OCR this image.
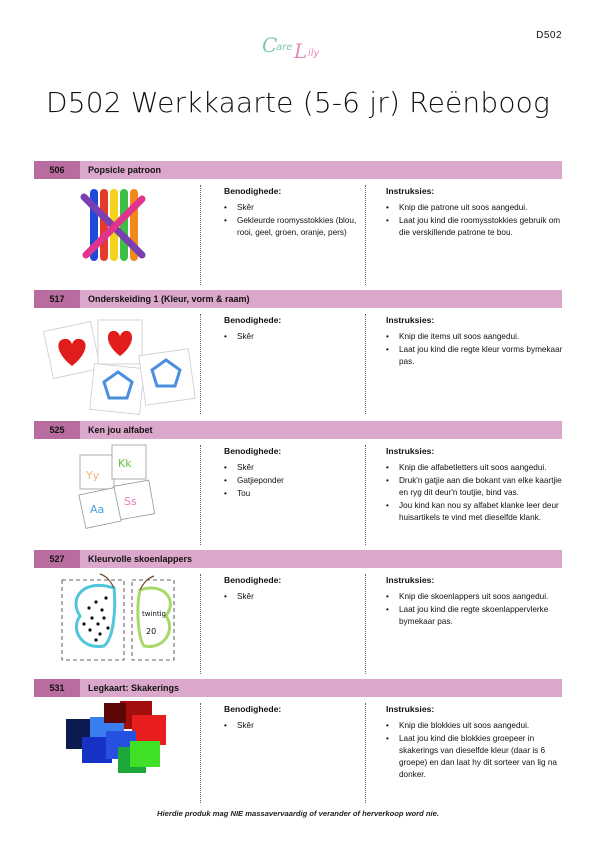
D502
C
are L ily
D502 Werkkaarte (5-6 jr) Reënboog
506	Popsicle patroon
Benodighede:
• Skêr
• Gekleurde roomysstokkies (blou, rooi, geel, groen, oranje, pers)
Instruksies:
• Knip die patrone uit soos aangedui.
• Laat jou kind die roomysstokkies gebruik om die verskillende patrone te bou.
517	Onderskeiding 1 (Kleur, vorm & raam)
Benodighede:
• Skêr
Instruksies:
• Knip die items uit soos aangedui.
• Laat jou kind die regte kleur vorms bymekaar pas.
525	Ken jou alfabet
Yy
Kk
Ss
Aa
Benodighede:
• Skêr
• Gatjieponder
• Tou
Instruksies:
• Knip die alfabetletters uit soos aangedui.
• Druk'n gatjie aan die bokant van elke kaartjie en ryg dit deur'n toutjie, bind vas.
• Jou kind kan nou sy alfabet klanke leer deur huisartikels te vind met dieselfde klank.
527	Kleurvolle skoenlappers
twintig
20
Benodighede:
• Skêr
Instruksies:
• Knip die skoenlappers uit soos aangedui.
• Laat jou kind die regte skoenlappervlerke bymekaar pas.
531	Legkaart: Skakerings
Benodighede:
• Skêr
Instruksies:
• Knip die blokkies uit soos aangedui.
• Laat jou kind die blokkies groepeer in skakerings van dieselfde kleur (daar is 6 groepe) en dan laat hy dit sorteer van lig na donker.
Hierdie produk mag NIE massavervaardig of verander of herverkoop word nie.
